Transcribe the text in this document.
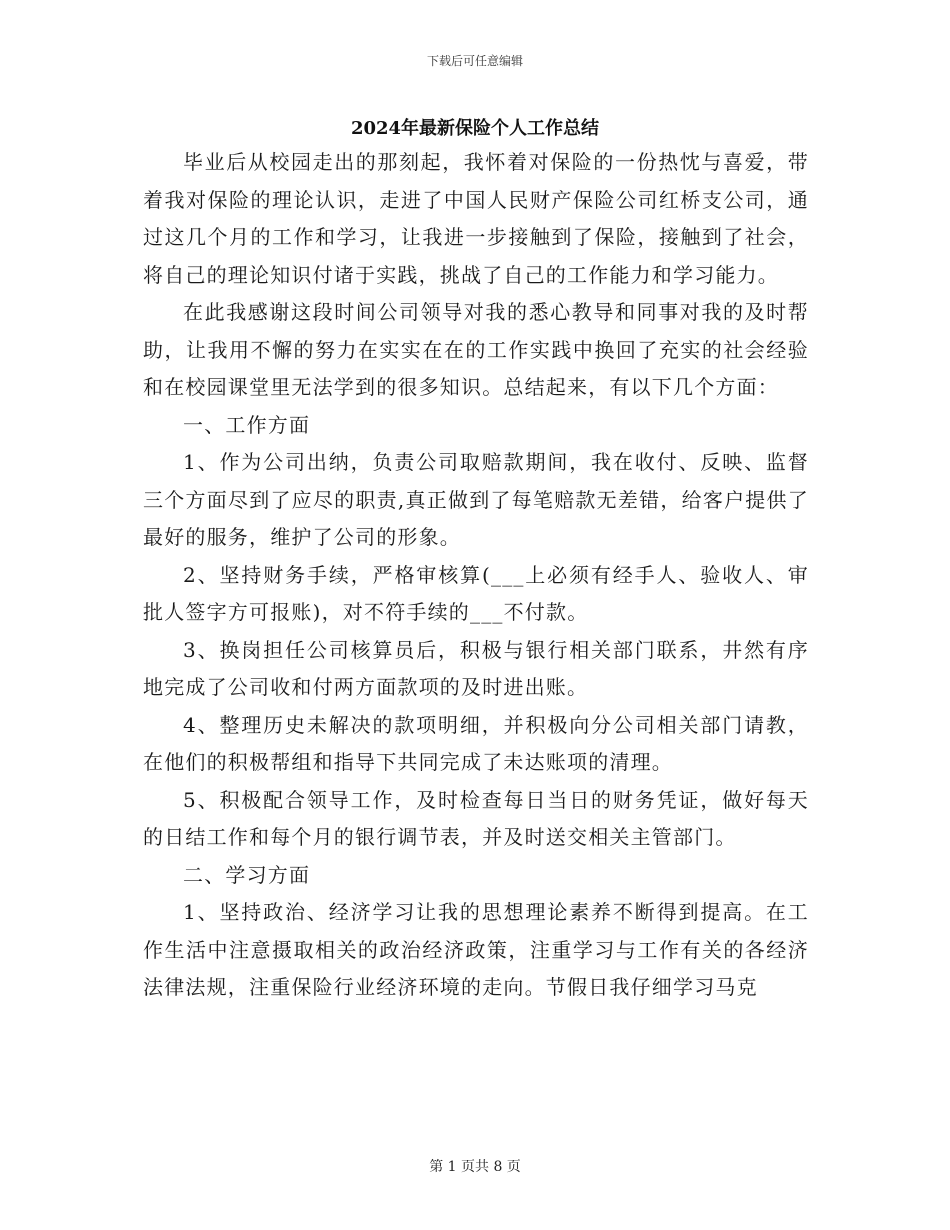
下载后可任意编辑
2024年最新保险个人工作总结

毕业后从校园走出的那刻起，我怀着对保险的一份热忱与喜爱，带着我对保险的理论认识，走进了中国人民财产保险公司红桥支公司，通过这几个月的工作和学习，让我进一步接触到了保险，接触到了社会，将自己的理论知识付诸于实践，挑战了自己的工作能力和学习能力。

在此我感谢这段时间公司领导对我的悉心教导和同事对我的及时帮助，让我用不懈的努力在实实在在的工作实践中换回了充实的社会经验和在校园课堂里无法学到的很多知识。总结起来，有以下几个方面：

一、工作方面

1、作为公司出纳，负责公司取赔款期间，我在收付、反映、监督三个方面尽到了应尽的职责,真正做到了每笔赔款无差错，给客户提供了最好的服务，维护了公司的形象。

2、坚持财务手续，严格审核算(___上必须有经手人、验收人、审批人签字方可报账)，对不符手续的___不付款。

3、换岗担任公司核算员后，积极与银行相关部门联系，井然有序地完成了公司收和付两方面款项的及时进出账。

4、整理历史未解决的款项明细，并积极向分公司相关部门请教，在他们的积极帮组和指导下共同完成了未达账项的清理。

5、积极配合领导工作，及时检查每日当日的财务凭证，做好每天的日结工作和每个月的银行调节表，并及时送交相关主管部门。

二、学习方面

1、坚持政治、经济学习让我的思想理论素养不断得到提高。在工作生活中注意摄取相关的政治经济政策，注重学习与工作有关的各经济法律法规，注重保险行业经济环境的走向。节假日我仔细学习马克

第 1 页共 8 页
